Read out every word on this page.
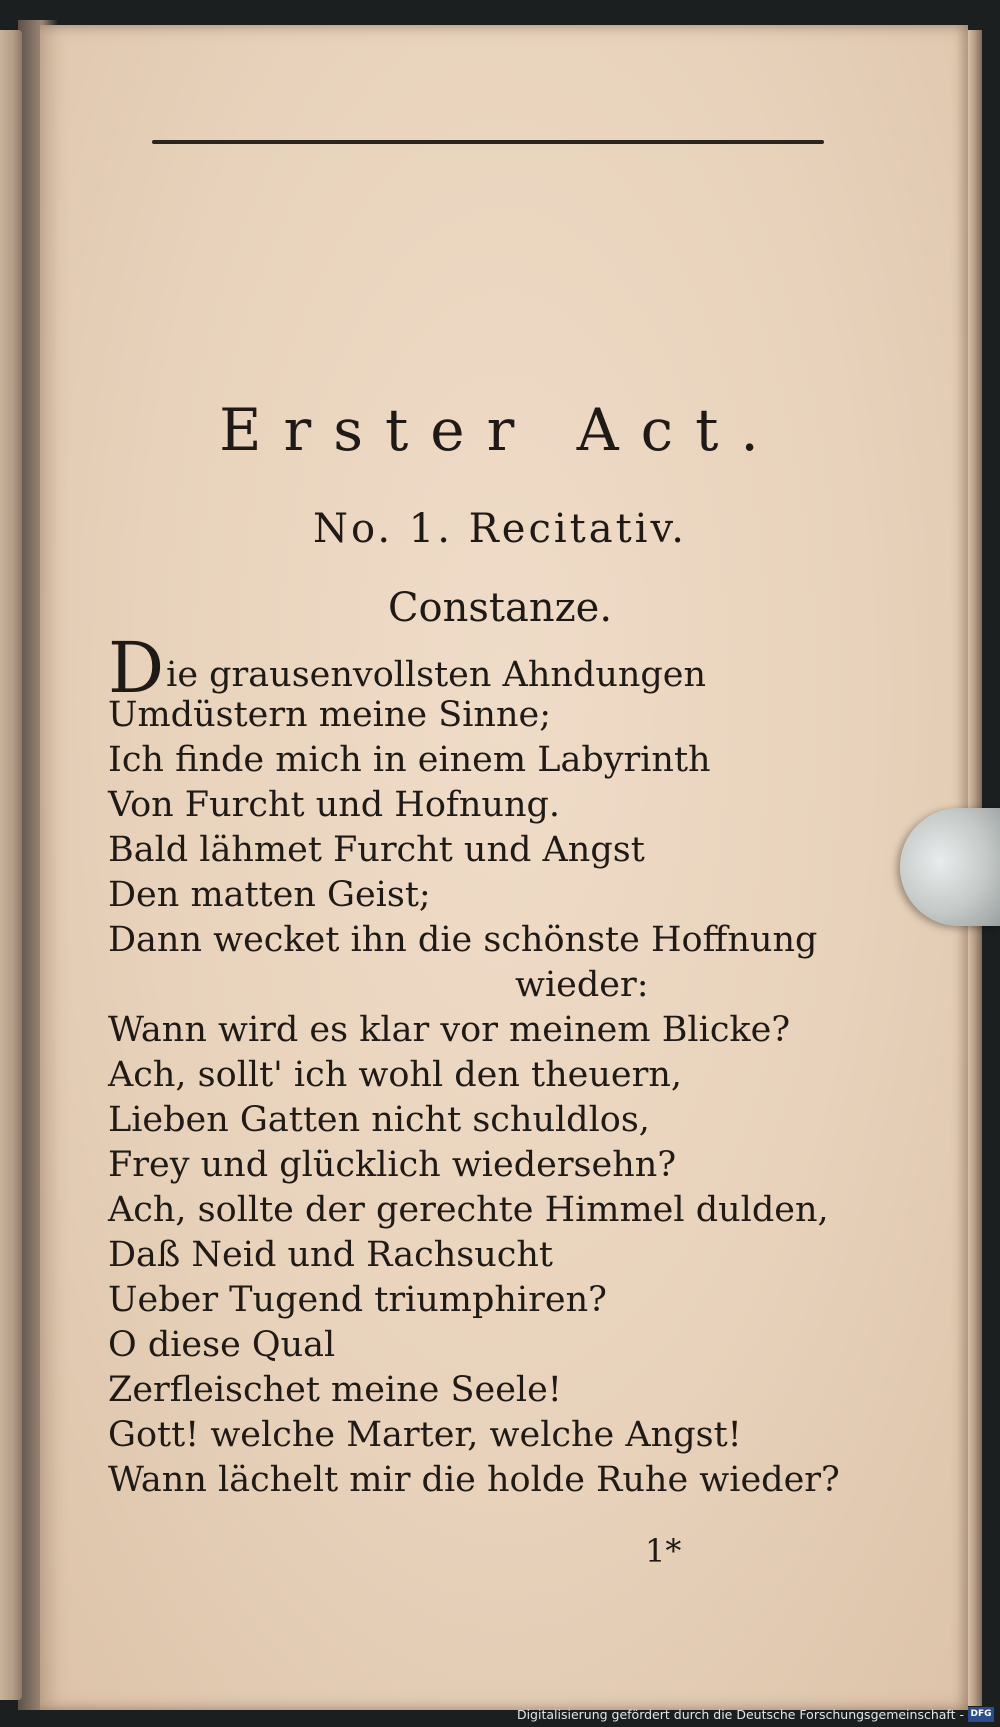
Erster Act.
No. 1. Recitativ.
Constanze.
Die grausenvollsten Ahndungen
Umdüstern meine Sinne;
Ich finde mich in einem Labyrinth
Von Furcht und Hofnung.
Bald lähmet Furcht und Angst
Den matten Geist;
Dann wecket ihn die schönste Hoffnung
wieder:
Wann wird es klar vor meinem Blicke?
Ach, sollt' ich wohl den theuern,
Lieben Gatten nicht schuldlos,
Frey und glücklich wiedersehn?
Ach, sollte der gerechte Himmel dulden,
Daß Neid und Rachsucht
Ueber Tugend triumphiren?
O diese Qual
Zerfleischet meine Seele!
Gott! welche Marter, welche Angst!
Wann lächelt mir die holde Ruhe wieder?
1*
Digitalisierung gefördert durch die Deutsche Forschungsgemeinschaft - DFG
